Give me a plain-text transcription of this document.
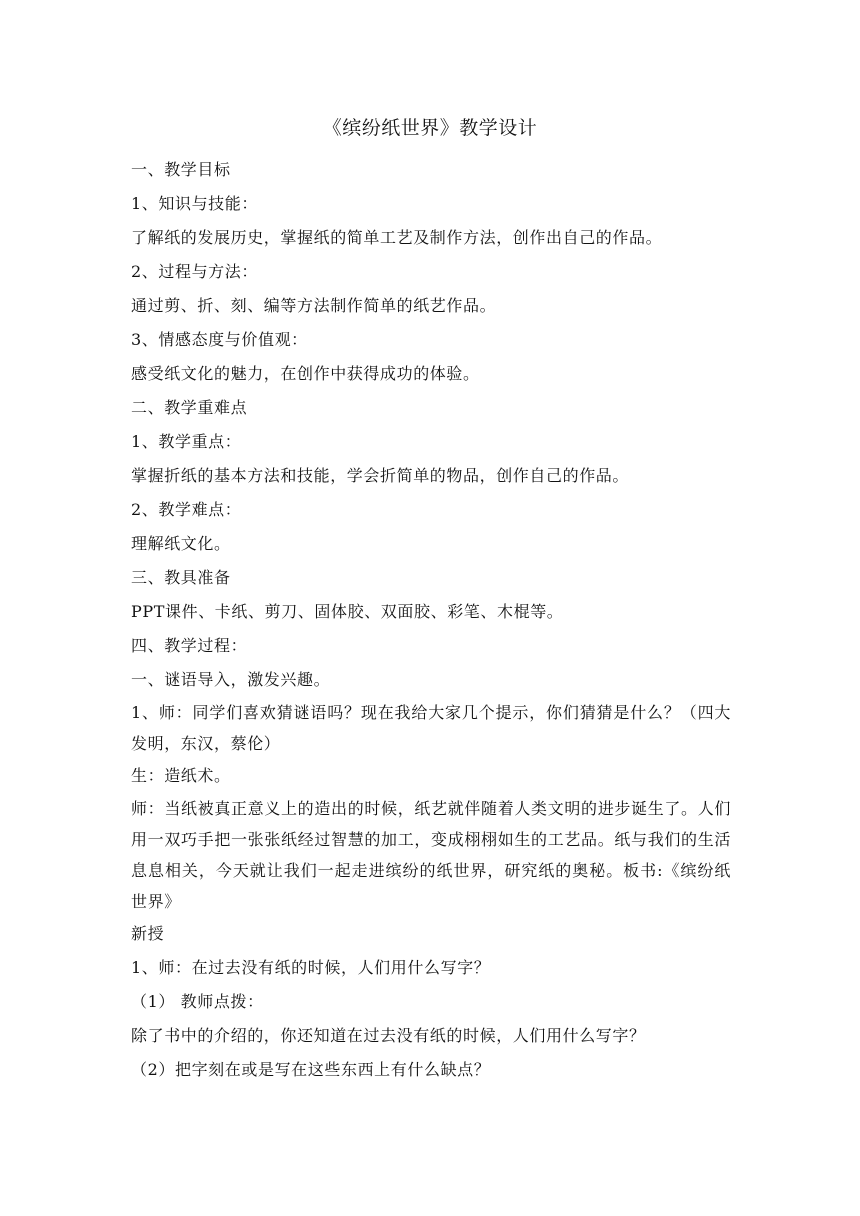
《缤纷纸世界》教学设计

一、教学目标

1、知识与技能：

了解纸的发展历史，掌握纸的简单工艺及制作方法，创作出自己的作品。

2、过程与方法：

通过剪、折、刻、编等方法制作简单的纸艺作品。

3、情感态度与价值观：

感受纸文化的魅力，在创作中获得成功的体验。

二、教学重难点

1、教学重点：

掌握折纸的基本方法和技能，学会折简单的物品，创作自己的作品。

2、教学难点：

理解纸文化。

三、教具准备

PPT课件、卡纸、剪刀、固体胶、双面胶、彩笔、木棍等。

四、教学过程：

一、谜语导入，激发兴趣。

1、师：同学们喜欢猜谜语吗？现在我给大家几个提示，你们猜猜是什么？（四大发明，东汉，蔡伦）

生：造纸术。

师：当纸被真正意义上的造出的时候，纸艺就伴随着人类文明的进步诞生了。人们用一双巧手把一张张纸经过智慧的加工，变成栩栩如生的工艺品。纸与我们的生活息息相关，今天就让我们一起走进缤纷的纸世界，研究纸的奥秘。板书:《缤纷纸世界》

新授

1、师：在过去没有纸的时候，人们用什么写字？

（1） 教师点拨：

除了书中的介绍的，你还知道在过去没有纸的时候，人们用什么写字？

（2）把字刻在或是写在这些东西上有什么缺点？
